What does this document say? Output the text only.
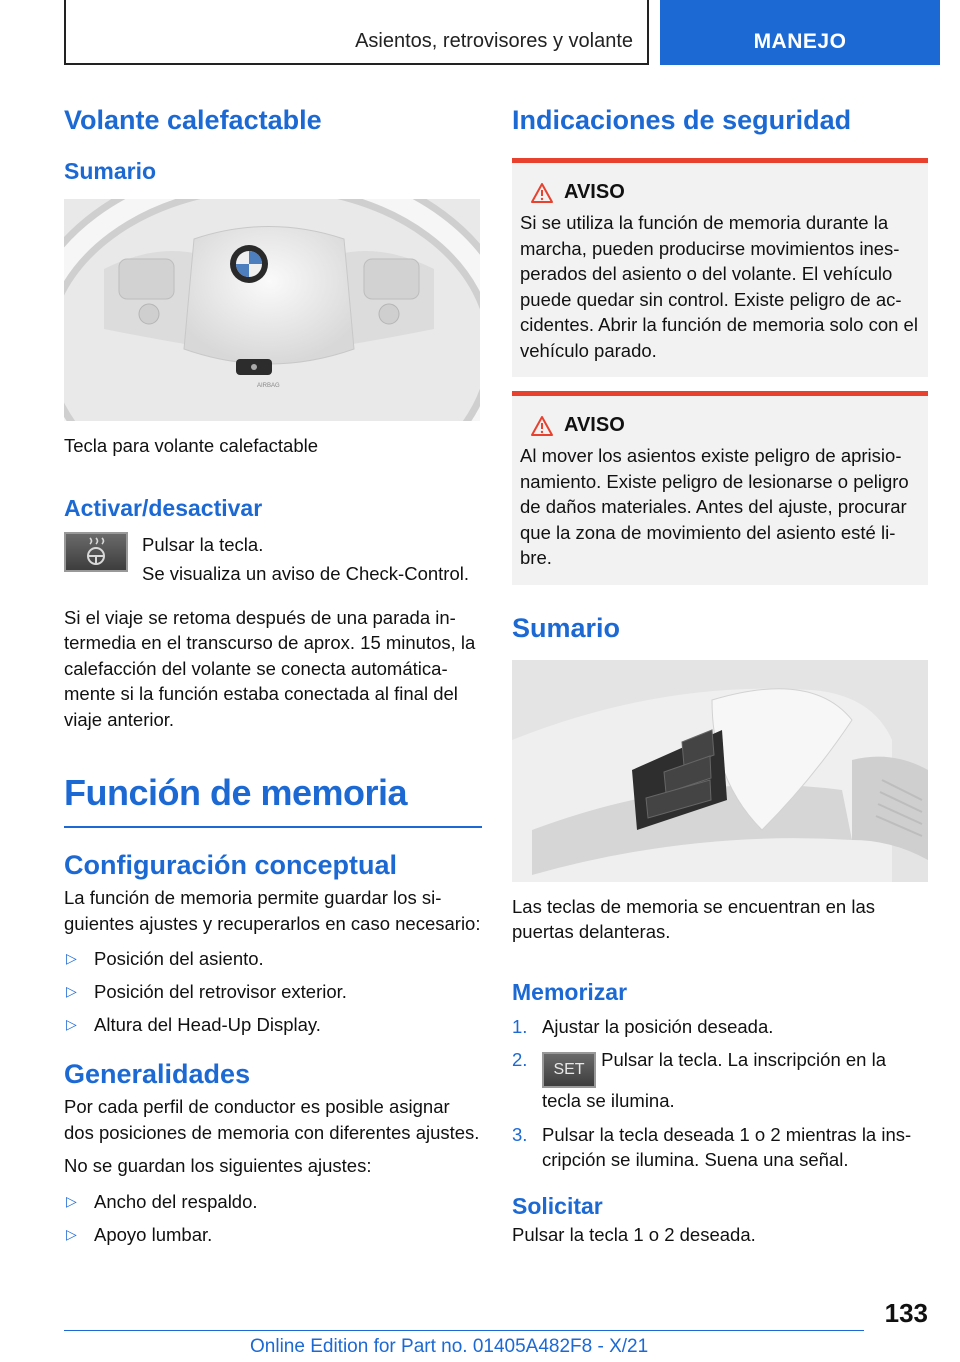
Asientos, retrovisores y volante	MANEJO
Volante calefactable
Sumario
AIRBAG

Tecla para volante calefactable

Activar/desactivar

Pulsar la tecla.

Se visualiza un aviso de Check-Control.

Si el viaje se retoma después de una parada intermedia en el transcurso de aprox. 15 minutos, la calefacción del volante se conecta automáticamente si la función estaba conectada al final del viaje anterior.

Función de memoria
Configuración conceptual

La función de memoria permite guardar los siguientes ajustes y recuperarlos en caso necesario:

▷ Posición del asiento.
▷ Posición del retrovisor exterior.
▷ Altura del Head-Up Display.
Generalidades

Por cada perfil de conductor es posible asignar dos posiciones de memoria con diferentes ajustes.

No se guardan los siguientes ajustes:

▷ Ancho del respaldo.
▷ Apoyo lumbar.
Indicaciones de seguridad
AVISO

Si se utiliza la función de memoria durante la marcha, pueden producirse movimientos inesperados del asiento o del volante. El vehículo puede quedar sin control. Existe peligro de accidentes. Abrir la función de memoria solo con el vehículo parado.

AVISO

Al mover los asientos existe peligro de aprisionamiento. Existe peligro de lesionarse o peligro de daños materiales. Antes del ajuste, procurar que la zona de movimiento del asiento esté libre.

Sumario

Las teclas de memoria se encuentran en las puertas delanteras.

Memorizar
1. Ajustar la posición deseada.
2. SET Pulsar la tecla. La inscripción en la tecla se ilumina.
3. Pulsar la tecla deseada 1 o 2 mientras la inscripción se ilumina. Suena una señal.
Solicitar

Pulsar la tecla 1 o 2 deseada.

133
Online Edition for Part no. 01405A482F8 - X/21
